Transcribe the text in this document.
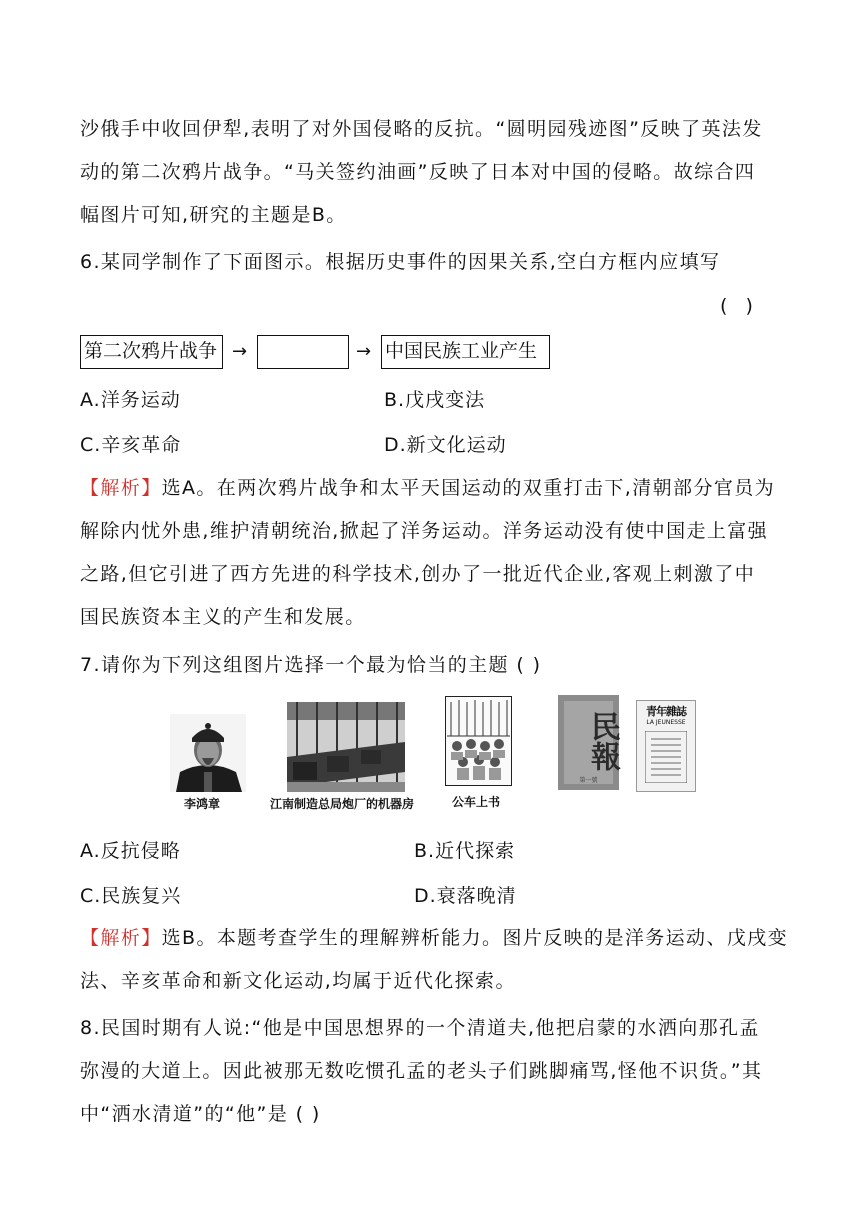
沙俄手中收回伊犁,表明了对外国侵略的反抗。“圆明园残迹图”反映了英法发
动的第二次鸦片战争。“马关签约油画”反映了日本对中国的侵略。故综合四
幅图片可知,研究的主题是B。
6.某同学制作了下面图示。根据历史事件的因果关系,空白方框内应填写
( )
第二次鸦片战争 →	→ 中国民族工业产生
A.洋务运动	B.戊戌变法
C.辛亥革命	D.新文化运动
【解析】选A。在两次鸦片战争和太平天国运动的双重打击下,清朝部分官员为
解除内忧外患,维护清朝统治,掀起了洋务运动。洋务运动没有使中国走上富强
之路,但它引进了西方先进的科学技术,创办了一批近代企业,客观上刺激了中
国民族资本主义的产生和发展。
7.请你为下列这组图片选择一个最为恰当的主题 ( )
李鸿章	江南制造总局炮厂的机器房	公车上书
民報
第一號
青年雜誌
LA JEUNESSE
A.反抗侵略	B.近代探索
C.民族复兴	D.衰落晚清
【解析】选B。本题考查学生的理解辨析能力。图片反映的是洋务运动、戊戌变
法、辛亥革命和新文化运动,均属于近代化探索。
8.民国时期有人说:“他是中国思想界的一个清道夫,他把启蒙的水洒向那孔孟
弥漫的大道上。因此被那无数吃惯孔孟的老头子们跳脚痛骂,怪他不识货。”其
中“洒水清道”的“他”是 ( )
